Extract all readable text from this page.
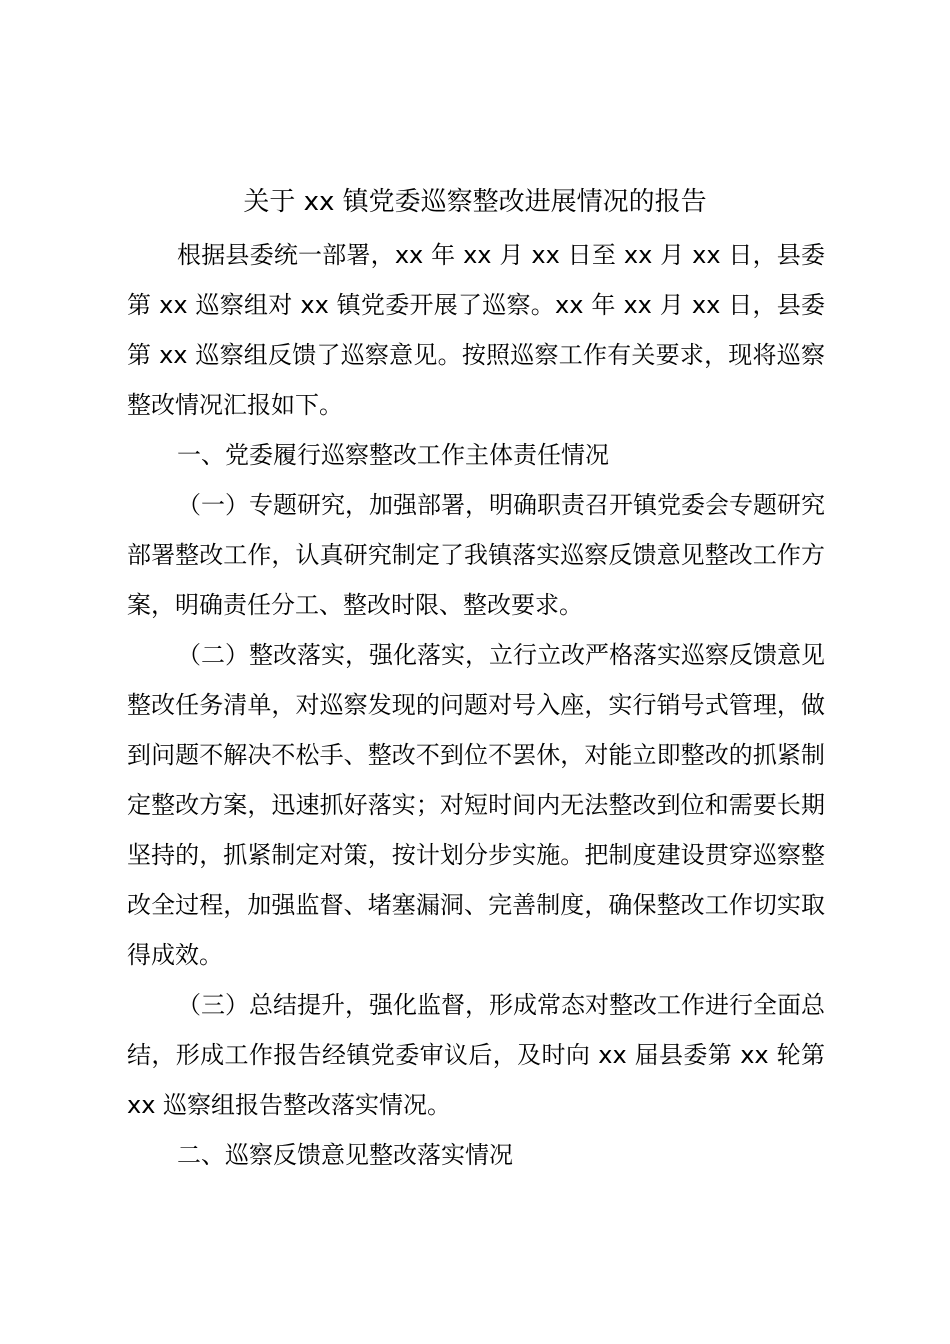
关于 xx 镇党委巡察整改进展情况的报告

根据县委统一部署，xx 年 xx 月 xx 日至 xx 月 xx 日，县委第 xx 巡察组对 xx 镇党委开展了巡察。xx 年 xx 月 xx 日，县委第 xx 巡察组反馈了巡察意见。按照巡察工作有关要求，现将巡察整改情况汇报如下。

一、党委履行巡察整改工作主体责任情况

（一）专题研究，加强部署，明确职责召开镇党委会专题研究部署整改工作，认真研究制定了我镇落实巡察反馈意见整改工作方案，明确责任分工、整改时限、整改要求。

（二）整改落实，强化落实，立行立改严格落实巡察反馈意见整改任务清单，对巡察发现的问题对号入座，实行销号式管理，做到问题不解决不松手、整改不到位不罢休，对能立即整改的抓紧制定整改方案，迅速抓好落实；对短时间内无法整改到位和需要长期坚持的，抓紧制定对策，按计划分步实施。把制度建设贯穿巡察整改全过程，加强监督、堵塞漏洞、完善制度，确保整改工作切实取得成效。

（三）总结提升，强化监督，形成常态对整改工作进行全面总结，形成工作报告经镇党委审议后，及时向 xx 届县委第 xx 轮第 xx 巡察组报告整改落实情况。

二、巡察反馈意见整改落实情况
